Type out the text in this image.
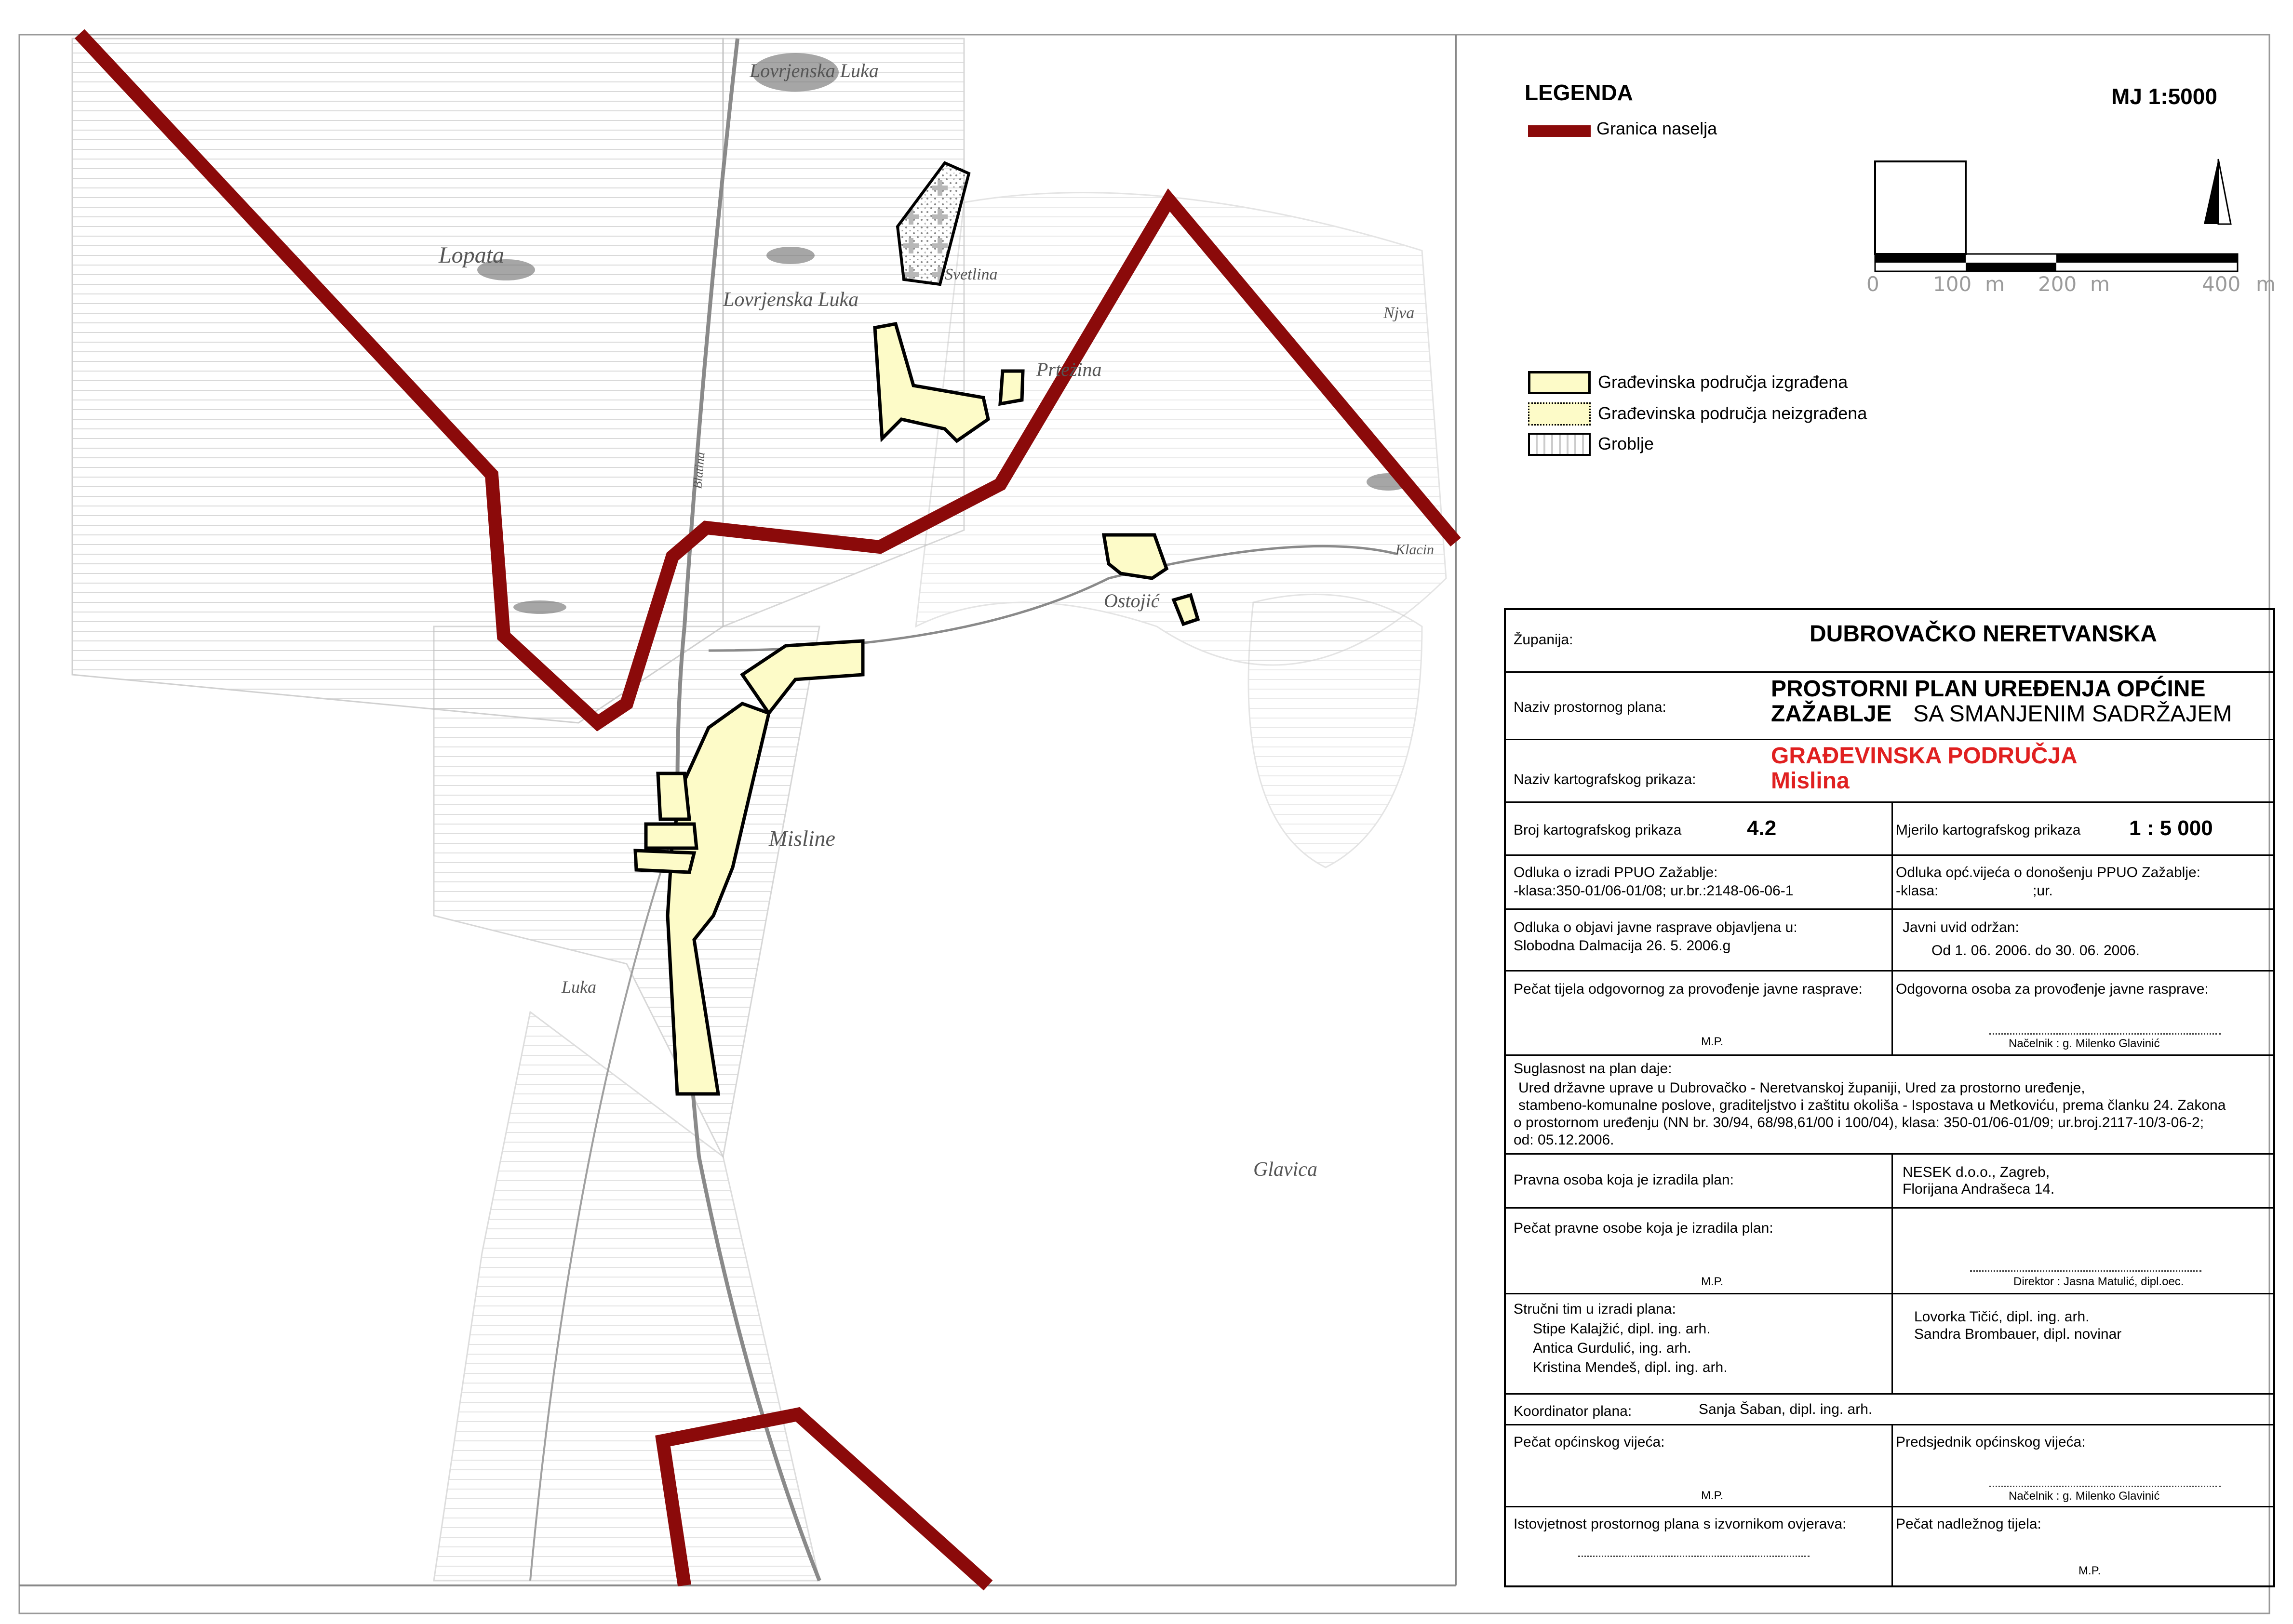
Lovrjenska Luka
Lopata
Lovrjenska Luka
Svetlina
Prteżina
Njva
Klacin
Ostojić
Misline
Luka
Glavica
Blatina
LEGENDA	MJ 1:5000
Granica naselja
Građevinska područja izgrađena
Građevinska područja neizgrađena
Groblje
0	100 m 200 m	400 m
Županija:	DUBROVAČKO NERETVANSKA
Naziv prostornog plana:
PROSTORNI PLAN UREĐENJA OPĆINE
ZAŽABLJE SA SMANJENIM SADRŽAJEM
Naziv kartografskog prikaza:
GRAĐEVINSKA PODRUČJA
Mislina
Broj kartografskog prikaza	4.2	Mjerilo kartografskog prikaza 1 : 5 000
Odluka o izradi PPUO Zažablje:
-klasa:350-01/06-01/08; ur.br.:2148-06-06-1
Odluka opć.vijeća o donošenju PPUO Zažablje:
-klasa:	;ur.
Odluka o objavi javne rasprave objavljena u:
Slobodna Dalmacija 26. 5. 2006.g
Javni uvid održan:
Od 1. 06. 2006. do 30. 06. 2006.
Pečat tijela odgovornog za provođenje javne rasprave:
M.P.
Odgovorna osoba za provođenje javne rasprave:
Načelnik : g. Milenko Glavinić
Suglasnost na plan daje:
Ured državne uprave u Dubrovačko - Neretvanskoj županiji, Ured za prostorno uređenje,
stambeno-komunalne poslove, graditeljstvo i zaštitu okoliša - Ispostava u Metkoviću, prema članku 24. Zakona
o prostornom uređenju (NN br. 30/94, 68/98,61/00 i 100/04), klasa: 350-01/06-01/09; ur.broj.2117-10/3-06-2;
od: 05.12.2006.
Pravna osoba koja je izradila plan:	NESEK d.o.o., Zagreb,
Florijana Andrašeca 14.
Pečat pravne osobe koja je izradila plan:
M.P.	Direktor : Jasna Matulić, dipl.oec.
Stručni tim u izradi plana:
Stipe Kalajžić, dipl. ing. arh.
Antica Gurdulić, ing. arh.
Kristina Mendeš, dipl. ing. arh.
Lovorka Tičić, dipl. ing. arh.
Sandra Brombauer, dipl. novinar
Koordinator plana:	Sanja Šaban, dipl. ing. arh.
Pečat općinskog vijeća:
M.P.
Predsjednik općinskog vijeća:
Načelnik : g. Milenko Glavinić
Istovjetnost prostornog plana s izvornikom ovjerava:	Pečat nadležnog tijela:
M.P.
